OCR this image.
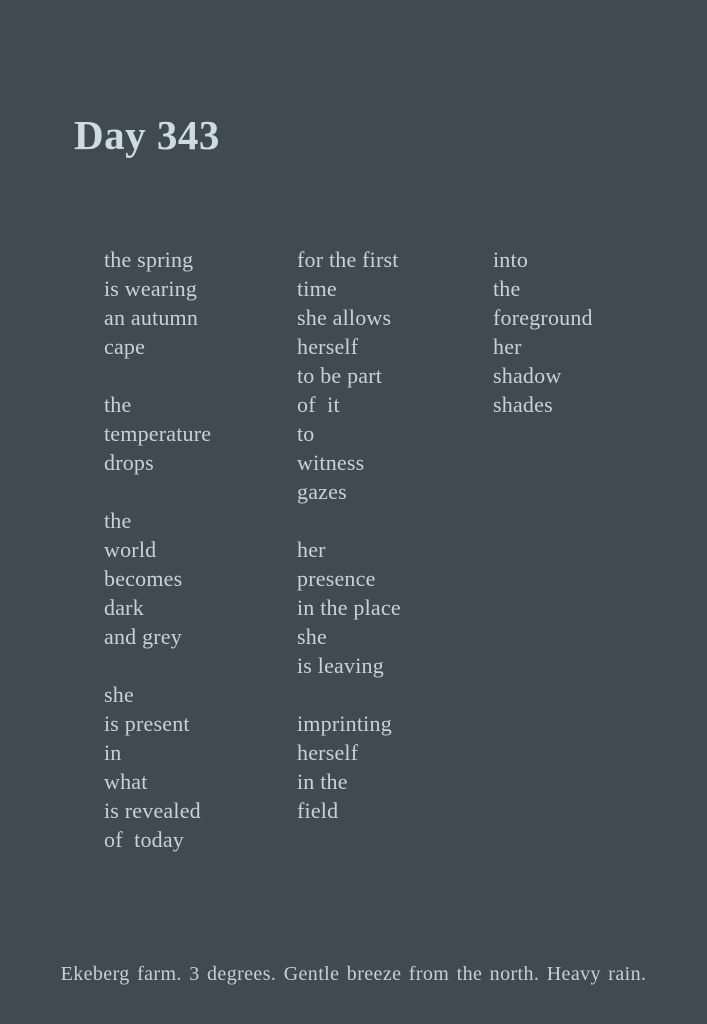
Day 343
the spring
is wearing
an autumn
cape
the
temperature
drops
the
world
becomes
dark
and grey
she
is present
in
what
is revealed
of  today
for the first
time
she allows
herself
to be part
of  it
to
witness
gazes
her
presence
in the place
she
is leaving
imprinting
herself
in the
field
into
the
foreground
her
shadow
shades
Ekeberg farm. 3 degrees. Gentle breeze from the north. Heavy rain.
